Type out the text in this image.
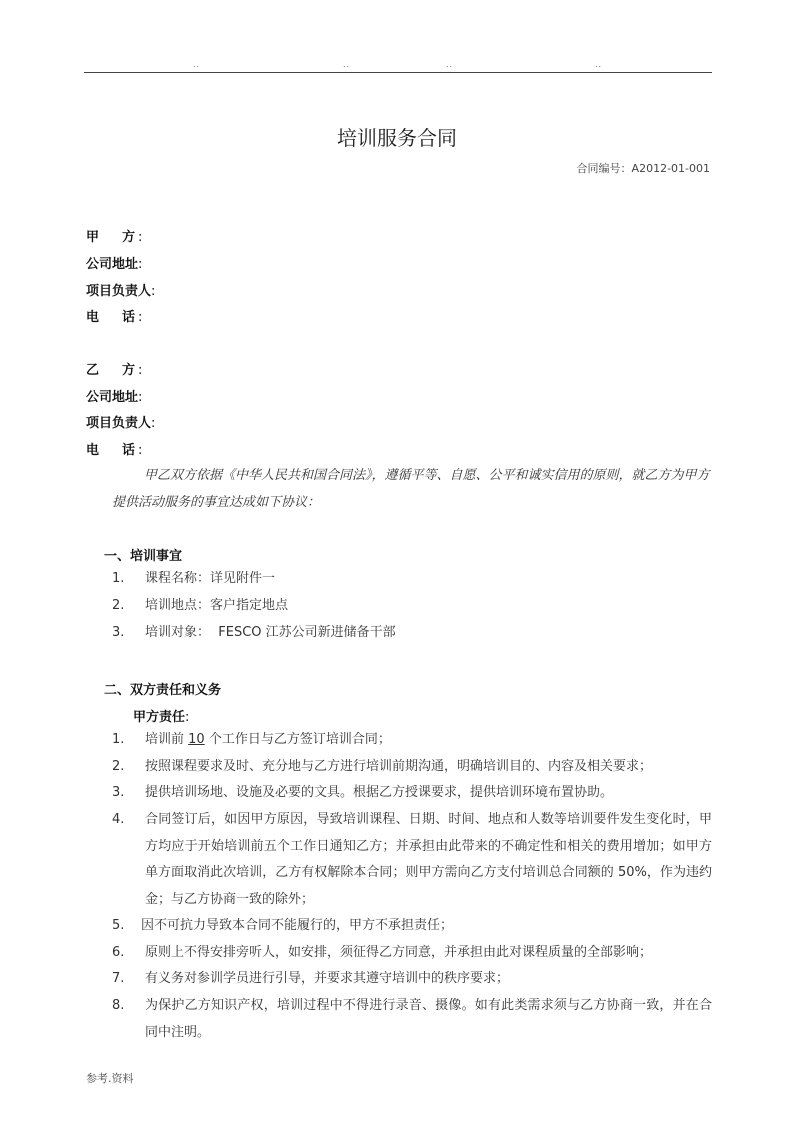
..	..	..	..
培训服务合同
合同编号：A2012-01-001
甲 方 :
公司地址:
项目负责人:
电 话 :
乙 方 :
公司地址:
项目负责人:
电 话 :
甲乙双方依据《中华人民共和国合同法》，遵循平等、自愿、公平和诚实信用的原则，就乙方为甲方提供活动服务的事宜达成如下协议：
一、培训事宜
1. 课程名称：详见附件一
2. 培训地点：客户指定地点
3. 培训对象：  FESCO 江苏公司新进储备干部
二、双方责任和义务
甲方责任:
1. 培训前 10 个工作日与乙方签订培训合同；
2. 按照课程要求及时、充分地与乙方进行培训前期沟通，明确培训目的、内容及相关要求；
3. 提供培训场地、设施及必要的文具。根据乙方授课要求，提供培训环境布置协助。
4.	合同签订后，如因甲方原因，导致培训课程、日期、时间、地点和人数等培训要件发生变化时，甲方均应于开始培训前五个工作日通知乙方；并承担由此带来的不确定性和相关的费用增加；如甲方单方面取消此次培训，乙方有权解除本合同；则甲方需向乙方支付培训总合同额的 50%，作为违约金；与乙方协商一致的除外；
5. 因不可抗力导致本合同不能履行的，甲方不承担责任；
6. 原则上不得安排旁听人，如安排，须征得乙方同意，并承担由此对课程质量的全部影响；
7. 有义务对参训学员进行引导，并要求其遵守培训中的秩序要求；
8.	为保护乙方知识产权，培训过程中不得进行录音、摄像。如有此类需求须与乙方协商一致，并在合同中注明。
参考.资料
